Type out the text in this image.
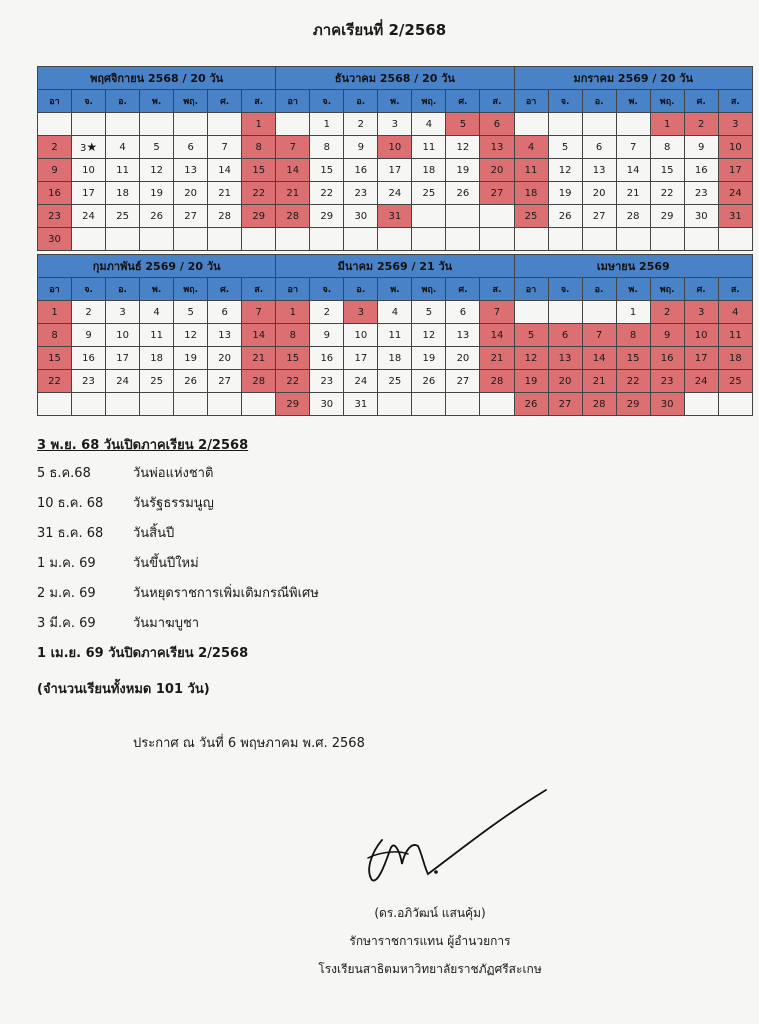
ภาคเรียนที่ 2/2568
พฤศจิกายน 2568 / 20 วัน							ธันวาคม 2568 / 20 วัน							มกราคม 2569 / 20 วัน						
อา	จ.	อ.	พ.	พฤ.	ศ.	ส.	อา	จ.	อ.	พ.	พฤ.	ศ.	ส.	อา	จ.	อ.	พ.	พฤ.	ศ.	ส.
						1		1	2	3	4	5	6					1	2	3
2	3★	4	5	6	7	8	7	8	9	10	11	12	13	4	5	6	7	8	9	10
9	10	11	12	13	14	15	14	15	16	17	18	19	20	11	12	13	14	15	16	17
16	17	18	19	20	21	22	21	22	23	24	25	26	27	18	19	20	21	22	23	24
23	24	25	26	27	28	29	28	29	30	31				25	26	27	28	29	30	31
30																				
กุมภาพันธ์ 2569 / 20 วัน							มีนาคม 2569 / 21 วัน							เมษายน 2569						
อา	จ.	อ.	พ.	พฤ.	ศ.	ส.	อา	จ.	อ.	พ.	พฤ.	ศ.	ส.	อา	จ.	อ.	พ.	พฤ.	ศ.	ส.
1	2	3	4	5	6	7	1	2	3	4	5	6	7				1	2	3	4
8	9	10	11	12	13	14	8	9	10	11	12	13	14	5	6	7	8	9	10	11
15	16	17	18	19	20	21	15	16	17	18	19	20	21	12	13	14	15	16	17	18
22	23	24	25	26	27	28	22	23	24	25	26	27	28	19	20	21	22	23	24	25
							29	30	31					26	27	28	29	30		
3 พ.ย. 68 วันเปิดภาคเรียน 2/2568
5 ธ.ค.68	วันพ่อแห่งชาติ
10 ธ.ค. 68 วันรัฐธรรมนูญ
31 ธ.ค. 68 วันสิ้นปี
1 ม.ค. 69	วันขึ้นปีใหม่
2 ม.ค. 69	วันหยุดราชการเพิ่มเติมกรณีพิเศษ
3 มี.ค. 69	วันมาฆบูชา
1 เม.ย. 69 วันปิดภาคเรียน 2/2568
(จำนวนเรียนทั้งหมด 101 วัน)
ประกาศ ณ วันที่ 6 พฤษภาคม พ.ศ. 2568
(ดร.อภิวัฒน์ แสนคุ้ม)
รักษาราชการแทน ผู้อำนวยการ
โรงเรียนสาธิตมหาวิทยาลัยราชภัฏศรีสะเกษ
